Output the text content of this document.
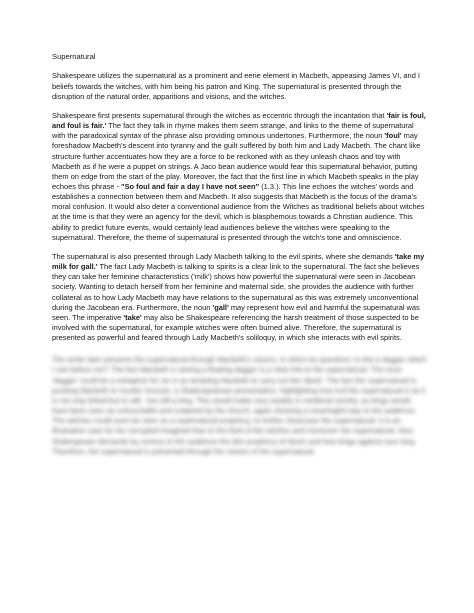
Supernatural

Shakespeare utilizes the supernatural as a prominent and eerie element in Macbeth, appeasing James VI, and I beliefs towards the witches, with him being his patron and King. The supernatural is presented through the disruption of the natural order, apparitions and visions, and the witches.

Shakespeare first presents supernatural through the witches as eccentric through the incantation that 'fair is foul, and foul is fair.' The fact they talk in rhyme makes them seem strange, and links to the theme of supernatural with the paradoxical syntax of the phrase also providing ominous undertones. Furthermore, the noun 'foul' may foreshadow Macbeth's descent into tyranny and the guilt suffered by both him and Lady Macbeth. The chant like structure further accentuates how they are a force to be reckoned with as they unleash chaos and toy with Macbeth as if he were a puppet on strings. A Jaco bean audience would fear this supernatural behavior, putting them on edge from the start of the play. Moreover, the fact that the first line in which Macbeth speaks in the play echoes this phrase - "So foul and fair a day I have not seen" (1.3.). This line echoes the witches' words and establishes a connection between them and Macbeth. It also suggests that Macbeth is the focus of the drama's moral confusion. It would also deter a conventional audience from the Witches as traditional beliefs about witches at the time is that they were an agency for the devil, which is blasphemous towards a Christian audience. This ability to predict future events, would certainly lead audiences believe the witches were speaking to the supernatural. Therefore, the theme of supernatural is presented through the witch's tone and omniscience.

The supernatural is also presented through Lady Macbeth talking to the evil spirits, where she demands 'take my milk for gall.' The fact Lady Macbeth is talking to spirits is a clear link to the supernatural. The fact she believes they can take her feminine characteristics ('milk') shows how powerful the supernatural were seen in Jacobean society. Wanting to detach herself from her feminine and maternal side, she provides the audience with further collateral as to how Lady Macbeth may have relations to the supernatural as this was extremely unconventional during the Jacobean era. Furthermore, the noun 'gall' may represent how evil and harmful the supernatural was seen. The imperative 'take' may also be Shakespeare referencing the harsh treatment of those suspected to be involved with the supernatural, for example witches were often burned alive. Therefore, the supernatural is presented as powerful and feared through Lady Macbeth's soliloquy, in which she interacts with evil spirits.

The writer later presents the supernatural through Macbeth's visions, in which he questions 'Is this a dagger which I see before me?' The fact Macbeth is seeing a floating dagger is a clear link to the supernatural. The noun 'dagger' could be a metaphor for sin in as tempting Macbeth to carry out the 'deed'. The fact the supernatural is pushing Macbeth to murder Duncan, a Shakespearean presentation, highlighting how evil the supernatural is as it is not only linked but to still - but still a king. This would make very weakly in medieval society, as kings would have been seen as untouchable and ordained by the church, again showing a meaningful way to the audience. The witches could even be seen as a supernatural prophecy, to further showcase the supernatural. It is an illustrative case for his corrupted imagined fear to the third of the witches and moreover the supernatural. Also, Shakespeare demands by century to the audience the dire prophecy of doom and how kings against sour king. Therefore, the supernatural is presented through the visions of the supernatural.
